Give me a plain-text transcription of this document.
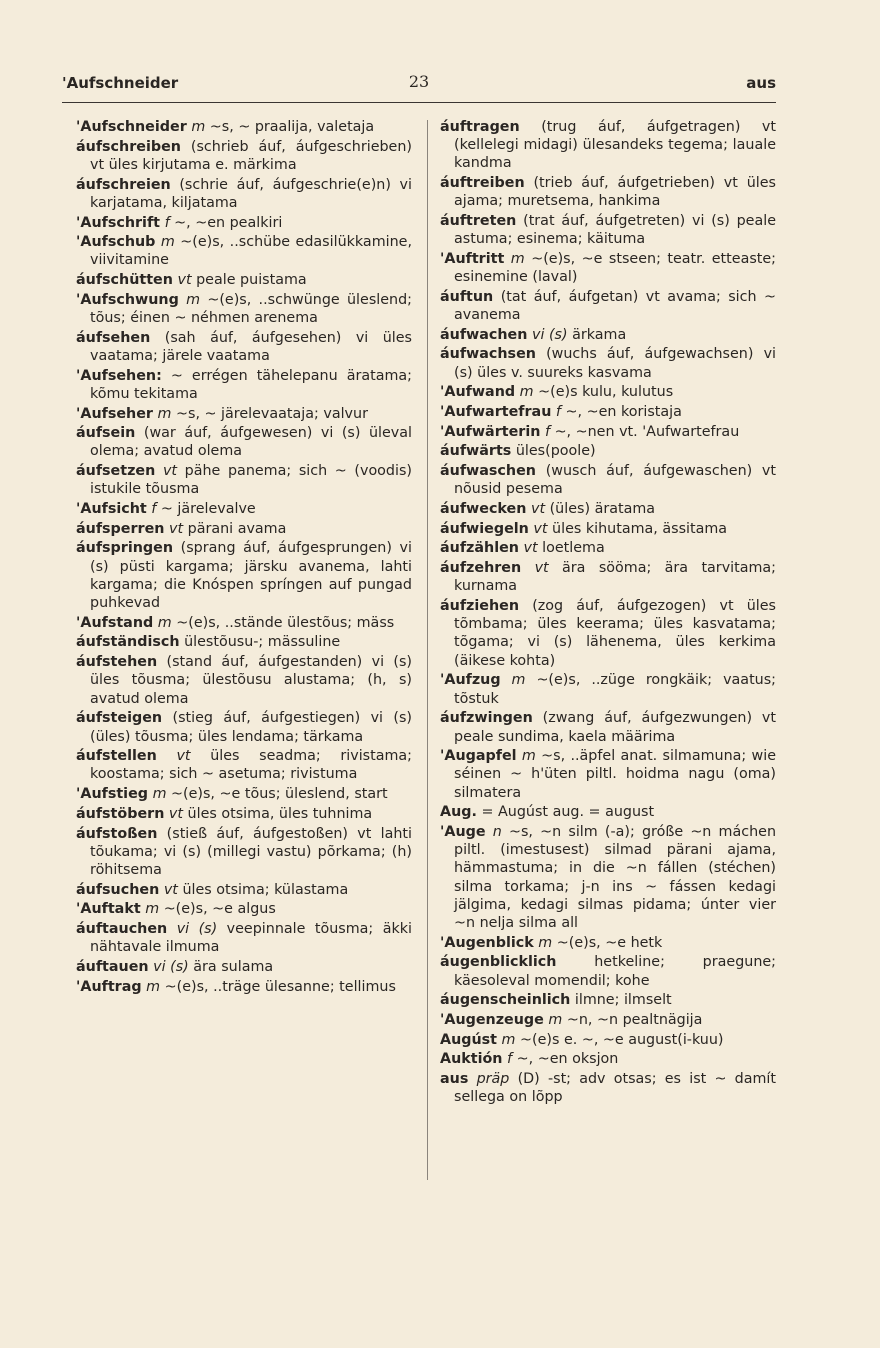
'Aufschneider	23	aus
'Aufschneider m ~s, ~ praalija, valetaja
áufschreiben (schrieb áuf, áufgeschrieben) vt üles kirjutama e. märkima
áufschreien (schrie áuf, áufgeschrie(e)n) vi karjatama, kiljatama
'Aufschrift f ~, ~en pealkiri
'Aufschub m ~(e)s, ..schübe edasilükkamine, viivitamine
áufschütten vt peale puistama
'Aufschwung m ~(e)s, ..schwünge üleslend; tõus; éinen ~ néhmen arenema
áufsehen (sah áuf, áufgesehen) vi üles vaatama; järele vaatama
'Aufsehen: ~ errégen tähelepanu äratama; kõmu tekitama
'Aufseher m ~s, ~ järelevaataja; valvur
áufsein (war áuf, áufgewesen) vi (s) üleval olema; avatud olema
áufsetzen vt pähe panema; sich ~ (voodis) istukile tõusma
'Aufsicht f ~ järelevalve
áufsperren vt pärani avama
áufspringen (sprang áuf, áufgesprungen) vi (s) püsti kargama; järsku avanema, lahti kargama; die Knóspen spríngen auf pungad puhkevad
'Aufstand m ~(e)s, ..stände ülestõus; mäss
áufständisch ülestõusu-; mässuline
áufstehen (stand áuf, áufgestanden) vi (s) üles tõusma; ülestõusu alustama; (h, s) avatud olema
áufsteigen (stieg áuf, áufgestiegen) vi (s) (üles) tõusma; üles lendama; tärkama
áufstellen vt üles seadma; rivistama; koostama; sich ~ asetuma; rivistuma
'Aufstieg m ~(e)s, ~e tõus; üleslend, start
áufstöbern vt üles otsima, üles tuhnima
áufstoßen (stieß áuf, áufgestoßen) vt lahti tõukama; vi (s) (millegi vastu) põrkama; (h) röhitsema
áufsuchen vt üles otsima; külastama
'Auftakt m ~(e)s, ~e algus
áuftauchen vi (s) veepinnale tõusma; äkki nähtavale ilmuma
áuftauen vi (s) ära sulama
'Auftrag m ~(e)s, ..träge ülesanne; tellimus
áuftragen (trug áuf, áufgetragen) vt (kellelegi midagi) ülesandeks tegema; lauale kandma
áuftreiben (trieb áuf, áufgetrieben) vt üles ajama; muretsema, hankima
áuftreten (trat áuf, áufgetreten) vi (s) peale astuma; esinema; käituma
'Auftritt m ~(e)s, ~e stseen; teatr. etteaste; esinemine (laval)
áuftun (tat áuf, áufgetan) vt avama; sich ~ avanema
áufwachen vi (s) ärkama
áufwachsen (wuchs áuf, áufgewachsen) vi (s) üles v. suureks kasvama
'Aufwand m ~(e)s kulu, kulutus
'Aufwartefrau f ~, ~en koristaja
'Aufwärterin f ~, ~nen vt. 'Aufwartefrau
áufwärts üles(poole)
áufwaschen (wusch áuf, áufgewaschen) vt nõusid pesema
áufwecken vt (üles) äratama
áufwiegeln vt üles kihutama, ässitama
áufzählen vt loetlema
áufzehren vt ära sööma; ära tarvitama; kurnama
áufziehen (zog áuf, áufgezogen) vt üles tõmbama; üles keerama; üles kasvatama; tõgama; vi (s) lähenema, üles kerkima (äikese kohta)
'Aufzug m ~(e)s, ..züge rongkäik; vaatus; tõstuk
áufzwingen (zwang áuf, áufgezwungen) vt peale sundima, kaela määrima
'Augapfel m ~s, ..äpfel anat. silmamuna; wie séinen ~ h'üten piltl. hoidma nagu (oma) silmatera
Aug. = Augúst aug. = august
'Auge n ~s, ~n silm (-a); gróße ~n máchen piltl. (imestusest) silmad pärani ajama, hämmastuma; in die ~n fállen (stéchen) silma torkama; j-n ins ~ fássen kedagi jälgima, kedagi silmas pidama; únter vier ~n nelja silma all
'Augenblick m ~(e)s, ~e hetk
áugenblicklich	hetkeline; praegune; käesoleval momendil; kohe
áugenscheinlich ilmne; ilmselt
'Augenzeuge m ~n, ~n pealtnägija
Augúst m ~(e)s e. ~, ~e august(i-kuu)
Auktión f ~, ~en oksjon
aus präp (D) -st; adv otsas; es ist ~ damít sellega on lõpp
